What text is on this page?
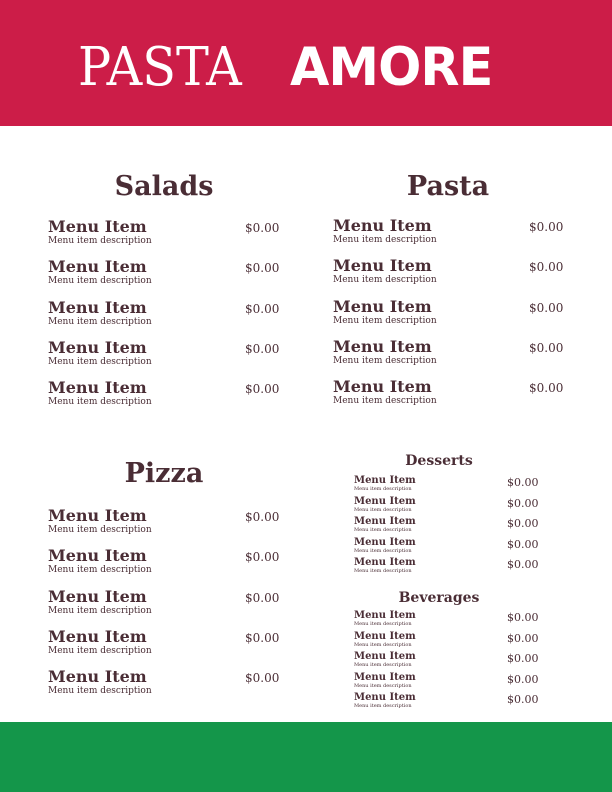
PASTA AMORE
Salads
Menu Item
Menu item description
$0.00
Menu Item
Menu item description
$0.00
Menu Item
Menu item description
$0.00
Menu Item
Menu item description
$0.00
Menu Item
Menu item description
$0.00
Pasta
Menu Item
Menu item description
$0.00
Menu Item
Menu item description
$0.00
Menu Item
Menu item description
$0.00
Menu Item
Menu item description
$0.00
Menu Item
Menu item description
$0.00
Pizza
Menu Item
Menu item description
$0.00
Menu Item
Menu item description
$0.00
Menu Item
Menu item description
$0.00
Menu Item
Menu item description
$0.00
Menu Item
Menu item description
$0.00
Desserts
Menu Item
Menu item description	$0.00
Menu Item
Menu item description	$0.00
Menu Item
Menu item description	$0.00
Menu Item
Menu item description	$0.00
Menu Item
Menu item description	$0.00
Beverages
Menu Item
Menu item description	$0.00
Menu Item
Menu item description	$0.00
Menu Item
Menu item description	$0.00
Menu Item
Menu item description	$0.00
Menu Item
Menu item description	$0.00
